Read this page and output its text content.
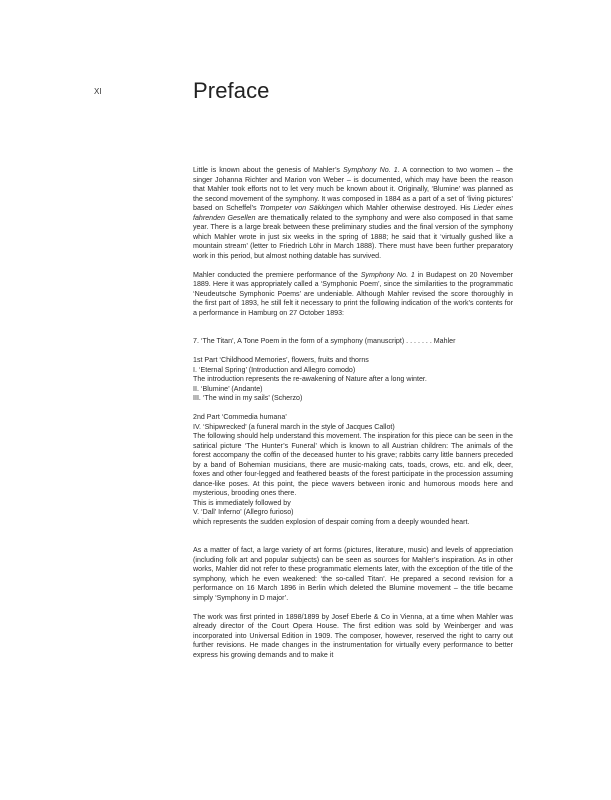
XI	Preface

Little is known about the genesis of Mahler’s Symphony No. 1. A connection to two women – the singer Johanna Richter and Marion von Weber – is documented, which may have been the reason that Mahler took efforts not to let very much be known about it. Originally, ‘Blumine’ was planned as the second movement of the symphony. It was composed in 1884 as a part of a set of ‘living pictures’ based on Scheffel’s Trompeter von Säkkingen which Mahler otherwise destroyed. His Lieder eines fahrenden Gesellen are thematically related to the symphony and were also composed in that same year. There is a large break between these preliminary studies and the final version of the symphony which Mahler wrote in just six weeks in the spring of 1888; he said that it ‘virtually gushed like a mountain stream’ (letter to Friedrich Löhr in March 1888). There must have been further preparatory work in this period, but almost nothing datable has survived.

Mahler conducted the premiere performance of the Symphony No. 1 in Budapest on 20 November 1889. Here it was appropriately called a ‘Symphonic Poem’, since the similarities to the programmatic ‘Neudeutsche Symphonic Poems’ are undeniable. Although Mahler revised the score thoroughly in the first part of 1893, he still felt it necessary to print the following indication of the work’s contents for a performance in Hamburg on 27 October 1893:

7. ‘The Titan’, A Tone Poem in the form of a symphony (manuscript) . . . . . . . Mahler
1st Part ‘Childhood Memories’, flowers, fruits and thorns
I. ‘Eternal Spring’ (Introduction and Allegro comodo)
The introduction represents the re-awakening of Nature after a long winter.
II. ‘Blumine’ (Andante)
III. ‘The wind in my sails’ (Scherzo)
2nd Part ‘Commedia humana’
IV. ‘Shipwrecked’ (a funeral march in the style of Jacques Callot)

The following should help understand this movement. The inspiration for this piece can be seen in the satirical picture ‘The Hunter’s Funeral’ which is known to all Austrian children: The animals of the forest accompany the coffin of the deceased hunter to his grave; rabbits carry little banners preceded by a band of Bohemian musicians, there are music-making cats, toads, crows, etc. and elk, deer, foxes and other four-legged and feathered beasts of the forest participate in the procession assuming dance-like poses. At this point, the piece wavers between ironic and humorous moods here and mysterious, brooding ones there.

This is immediately followed by
V. ‘Dall’ Inferno’ (Allegro furioso)
which represents the sudden explosion of despair coming from a deeply wounded heart.

As a matter of fact, a large variety of art forms (pictures, literature, music) and levels of appreciation (including folk art and popular subjects) can be seen as sources for Mahler’s inspiration. As in other works, Mahler did not refer to these programmatic elements later, with the exception of the title of the symphony, which he even weakened: ‘the so-called Titan’. He prepared a second revision for a performance on 16 March 1896 in Berlin which deleted the Blumine movement – the title became simply ‘Symphony in D major’.

The work was first printed in 1898/1899 by Josef Eberle & Co in Vienna, at a time when Mahler was already director of the Court Opera House. The first edition was sold by Weinberger and was incorporated into Universal Edition in 1909. The composer, however, reserved the right to carry out further revisions. He made changes in the instrumentation for virtually every performance to better express his growing demands and to make it
